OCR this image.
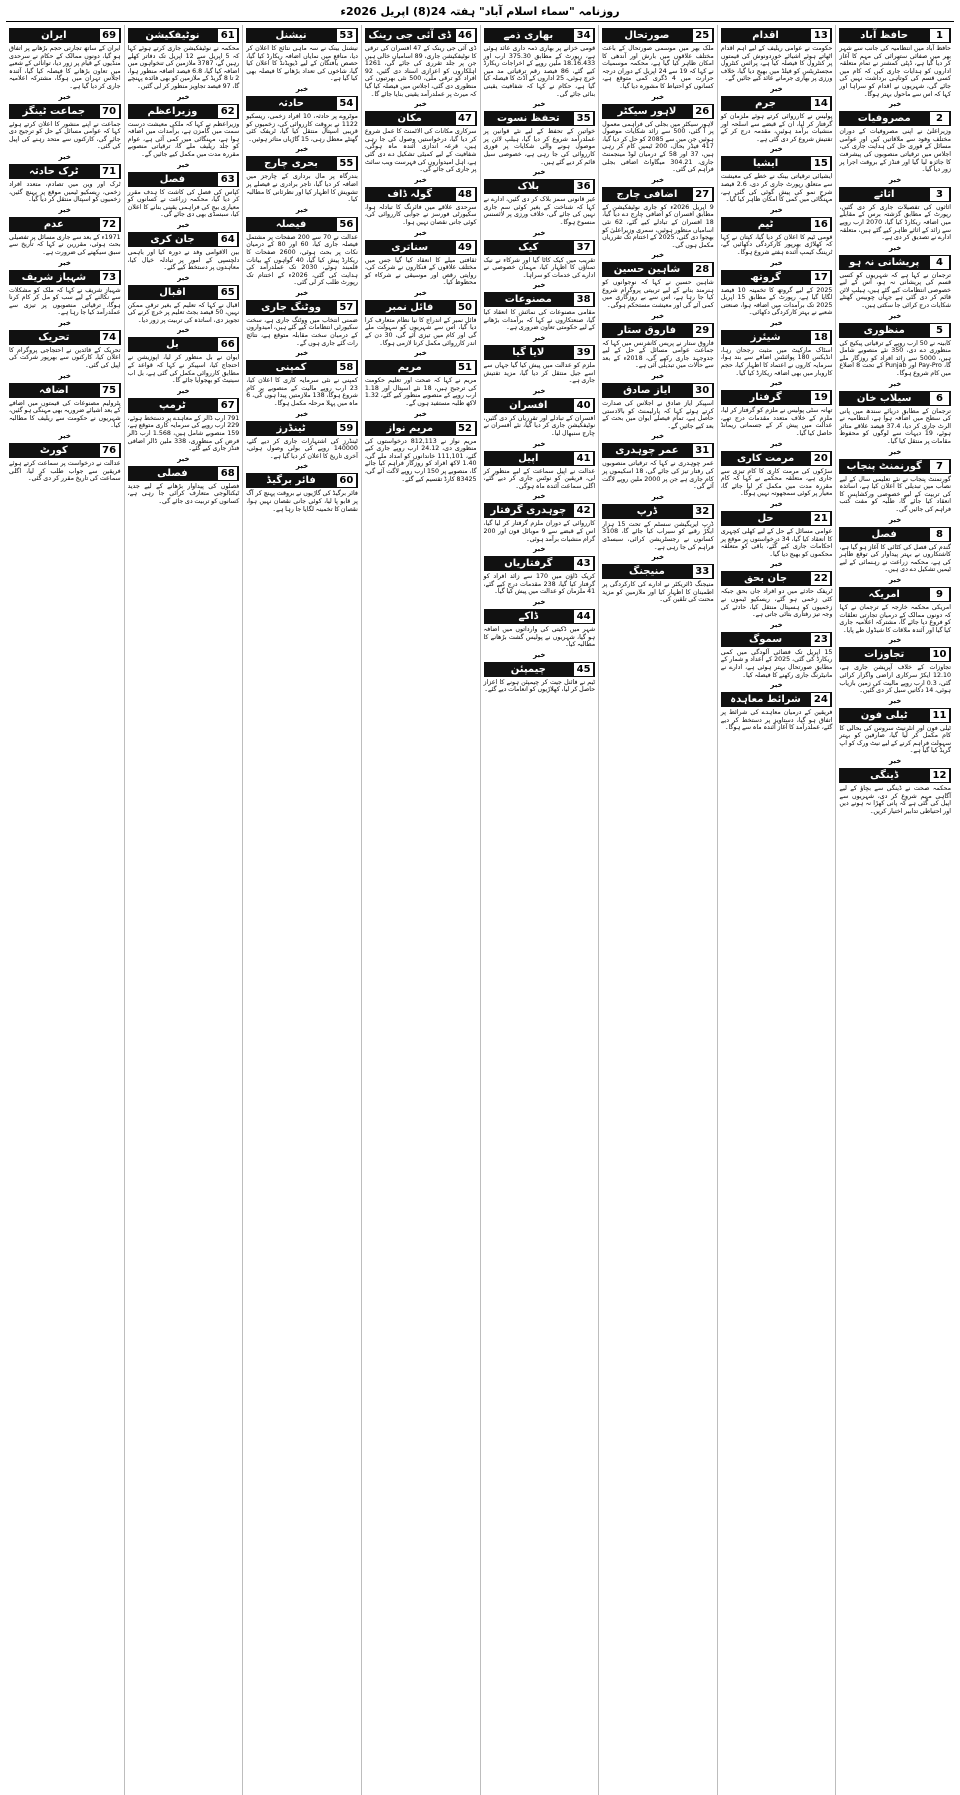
روزنامہ "سماء اسلام آباد" ہفتہ 24(8) اپریل 2026ء
1
حافظ آباد
حافظ آباد میں انتظامیہ کی جانب سے شہر بھر میں صفائی ستھرائی کی مہم کا آغاز کر دیا گیا ہے، ڈپٹی کمشنر نے تمام متعلقہ اداروں کو ہدایات جاری کیں کہ کام میں کسی قسم کی کوتاہی برداشت نہیں کی جائے گی، شہریوں نے اقدام کو سراہا اور کہا کہ اس سے ماحول بہتر ہوگا۔
خبر
2
مصروفیات
وزیراعلیٰ نے اپنی مصروفیات کے دوران مختلف وفود سے ملاقاتیں کیں اور عوامی مسائل کے فوری حل کی ہدایت جاری کی، اجلاس میں ترقیاتی منصوبوں کی پیشرفت کا جائزہ لیا گیا اور فنڈز کے بروقت اجرا پر زور دیا گیا۔
خبر
3
اثاثے
اثاثوں کی تفصیلات جاری کر دی گئیں، رپورٹ کے مطابق گزشتہ برس کے مقابلے میں اضافہ ریکارڈ کیا گیا، 2070 ارب روپے سے زائد کے اثاثے ظاہر کیے گئے ہیں، متعلقہ ادارے نے تصدیق کر دی ہے۔
خبر
4
پریشانی نہ ہو
ترجمان نے کہا ہے کہ شہریوں کو کسی قسم کی پریشانی نہ ہو، اس کے لیے خصوصی انتظامات کیے گئے ہیں، ہیلپ لائن قائم کر دی گئی ہے جہاں چوبیس گھنٹے شکایات درج کرائی جا سکتی ہیں۔
خبر
5
منظوری
کابینہ نے 50 ارب روپے کے ترقیاتی پیکیج کی منظوری دے دی، 350 نئے منصوبے شامل ہیں، 5000 سے زائد افراد کو روزگار ملے گا، Pay-Pro اور Punjab کے تحت 8 اضلاع میں کام شروع ہوگا۔
خبر
6
سیلاب خان
ترجمان کے مطابق دریائے سندھ میں پانی کی سطح میں اضافہ ہوا ہے، انتظامیہ نے الرٹ جاری کر دیا، 37.4 فیصد علاقے متاثر ہوئے، 19 دیہات سے لوگوں کو محفوظ مقامات پر منتقل کیا گیا۔
خبر
7
گورنمنٹ پنجاب
گورنمنٹ پنجاب نے نئے تعلیمی سال کے لیے نصاب میں تبدیلی کا اعلان کیا ہے، اساتذہ کی تربیت کے لیے خصوصی ورکشاپس کا انعقاد کیا جائے گا، طلبہ کو مفت کتب فراہم کی جائیں گی۔
خبر
8
فصل
گندم کی فصل کی کٹائی کا آغاز ہو گیا ہے، کاشتکاروں نے بہتر پیداوار کی توقع ظاہر کی ہے، محکمہ زراعت نے رہنمائی کے لیے ٹیمیں تشکیل دے دی ہیں۔
خبر
9
امریکہ
امریکی محکمہ خارجہ کے ترجمان نے کہا کہ دونوں ممالک کے درمیان تجارتی تعلقات کو فروغ دیا جائے گا، مشترکہ اعلامیہ جاری کیا گیا اور آئندہ ملاقات کا شیڈول طے پایا۔
خبر
10
تجاوزات
تجاوزات کے خلاف آپریشن جاری ہے، 12.10 ایکڑ سرکاری اراضی واگزار کرائی گئی، 0.3 ارب روپے مالیت کی زمین بازیاب ہوئی، 14 دکانیں سیل کر دی گئیں۔
خبر
11
ٹیلی فون
ٹیلی فون اور انٹرنیٹ سروس کی بحالی کا کام مکمل کر لیا گیا، صارفین کو بہتر سہولت فراہم کرنے کے لیے نیٹ ورک کو اپ گریڈ کیا گیا ہے۔
خبر
12
ڈینگی
محکمہ صحت نے ڈینگی سے بچاؤ کے لیے آگاہی مہم شروع کر دی، شہریوں سے اپیل کی گئی ہے کہ پانی کھڑا نہ ہونے دیں اور احتیاطی تدابیر اختیار کریں۔
13
اقدام
حکومت نے عوامی ریلیف کے لیے اہم اقدام اٹھاتے ہوئے اشیائے خوردونوش کی قیمتوں پر کنٹرول کا فیصلہ کیا ہے، پرائس کنٹرول مجسٹریٹس کو فیلڈ میں بھیج دیا گیا، خلاف ورزی پر بھاری جرمانے عائد کیے جائیں گے۔
خبر
14
جرم
پولیس نے کارروائی کرتے ہوئے ملزمان کو گرفتار کر لیا، ان کے قبضے سے اسلحہ اور منشیات برآمد ہوئیں، مقدمہ درج کر کے تفتیش شروع کر دی گئی ہے۔
خبر
15
ایشیا
ایشیائی ترقیاتی بینک نے خطے کی معیشت سے متعلق رپورٹ جاری کر دی، 2.6 فیصد شرح نمو کی پیش گوئی کی گئی ہے، مہنگائی میں کمی کا امکان ظاہر کیا گیا۔
خبر
16
ٹیم
قومی ٹیم کا اعلان کر دیا گیا، کپتان نے کہا کہ کھلاڑی بھرپور کارکردگی دکھائیں گے، ٹریننگ کیمپ آئندہ ہفتے شروع ہوگا۔
خبر
17
گروتھ
2025 کے لیے گروتھ کا تخمینہ 10 فیصد لگایا گیا ہے، رپورٹ کے مطابق 15 اپریل 2025 تک برآمدات میں اضافہ ہوا، صنعتی شعبے نے بہتر کارکردگی دکھائی۔
خبر
18
شیئرز
اسٹاک مارکیٹ میں مثبت رجحان رہا، انڈیکس 180 پوائنٹس اضافے سے بند ہوا، سرمایہ کاروں نے اعتماد کا اظہار کیا، حجم کاروبار میں بھی اضافہ ریکارڈ کیا گیا۔
خبر
19
گرفتار
تھانہ سٹی پولیس نے ملزم کو گرفتار کر لیا، ملزم کے خلاف متعدد مقدمات درج تھے، عدالت میں پیش کر کے جسمانی ریمانڈ حاصل کیا گیا۔
خبر
20
مرمت کاری
سڑکوں کی مرمت کاری کا کام تیزی سے جاری ہے، متعلقہ محکمے نے کہا کہ کام مقررہ مدت میں مکمل کر لیا جائے گا، معیار پر کوئی سمجھوتہ نہیں ہوگا۔
خبر
21
حل
عوامی مسائل کے حل کے لیے کھلی کچہری کا انعقاد کیا گیا، 34 درخواستوں پر موقع پر احکامات جاری کیے گئے، باقی کو متعلقہ محکموں کو بھیج دیا گیا۔
خبر
22
جان بحق
ٹریفک حادثے میں دو افراد جاں بحق جبکہ کئی زخمی ہو گئے، ریسکیو ٹیموں نے زخمیوں کو ہسپتال منتقل کیا، حادثے کی وجہ تیز رفتاری بتائی جاتی ہے۔
خبر
23
سموگ
15 اپریل تک فضائی آلودگی میں کمی ریکارڈ کی گئی، 2025 کے اعداد و شمار کے مطابق صورتحال بہتر ہوئی ہے، ادارے نے مانیٹرنگ جاری رکھنے کا فیصلہ کیا۔
خبر
24
شرائط معاہدہ
فریقین کے درمیان معاہدے کی شرائط پر اتفاق ہو گیا، دستاویز پر دستخط کر دیے گئے، عملدرآمد کا آغاز آئندہ ماہ سے ہوگا۔
25
صورتحال
ملک بھر میں موسمی صورتحال کے باعث مختلف علاقوں میں بارش اور آندھی کا امکان ظاہر کیا گیا ہے، محکمہ موسمیات نے کہا کہ 19 سے 24 اپریل کے دوران درجہ حرارت میں 4 ڈگری کمی متوقع ہے، کسانوں کو احتیاط کا مشورہ دیا گیا۔
خبر
26
لاہور سیکٹر
لاہور سیکٹر میں بجلی کی فراہمی معمول پر آ گئی، 500 سے زائد شکایات موصول ہوئیں جن میں سے 2085 کو حل کر دیا گیا، 417 فیڈر بحال، 200 ٹیمیں کام کر رہی ہیں، 37 اور 58 کے درمیان لوڈ مینجمنٹ جاری، 304.21 میگاواٹ اضافی بجلی فراہم کی گئی۔
خبر
27
اضافی چارج
9 اپریل 2026ء کو جاری نوٹیفکیشن کے مطابق افسران کو اضافی چارج دے دیا گیا، 18 افسران کے تبادلے کیے گئے، 62 نئی اسامیاں منظور ہوئیں، سمری وزیراعلیٰ کو بھجوا دی گئی، 2025 کے اختتام تک تقرریاں مکمل ہوں گی۔
خبر
28
شاہین حسین
شاہین حسین نے کہا کہ نوجوانوں کو ہنرمند بنانے کے لیے تربیتی پروگرام شروع کیا جا رہا ہے، اس سے بے روزگاری میں کمی آئے گی اور معیشت مستحکم ہوگی۔
خبر
29
فاروق ستار
فاروق ستار نے پریس کانفرنس میں کہا کہ جماعت عوامی مسائل کے حل کے لیے جدوجہد جاری رکھے گی، 2018ء کے بعد سے حالات میں تبدیلی آئی ہے۔
خبر
30
ایاز صادق
اسپیکر ایاز صادق نے اجلاس کی صدارت کرتے ہوئے کہا کہ پارلیمنٹ کو بالادستی حاصل ہے، تمام فیصلے ایوان میں بحث کے بعد کیے جائیں گے۔
خبر
31
عمر چوہدری
عمر چوہدری نے کہا کہ ترقیاتی منصوبوں کی رفتار تیز کی جائے گی، 18 اسکیموں پر کام جاری ہے جن پر 2000 ملین روپے لاگت آئے گی۔
خبر
32
ڈرپ
ڈرپ ایریگیشن سسٹم کے تحت 15 ہزار ایکڑ رقبے کو سیراب کیا جائے گا، 3108 کسانوں نے رجسٹریشن کرائی، سبسڈی فراہم کی جا رہی ہے۔
خبر
33
منیجنگ
منیجنگ ڈائریکٹر نے ادارے کی کارکردگی پر اطمینان کا اظہار کیا اور ملازمین کو مزید محنت کی تلقین کی۔
34
بھاری ذمے
قومی خزانے پر بھاری ذمہ داری عائد ہوئی ہے، رپورٹ کے مطابق 375.30 ارب اور 18.16.433 ملین روپے کے اخراجات ریکارڈ کیے گئے، 86 فیصد رقم ترقیاتی مد میں خرچ ہوئی، 25 اداروں کے آڈٹ کا فیصلہ کیا گیا ہے، حکام نے کہا کہ شفافیت یقینی بنائی جائے گی۔
خبر
35
تحفظ نسوت
خواتین کے تحفظ کے لیے نئے قوانین پر عملدرآمد شروع کر دیا گیا، ہیلپ لائن پر موصول ہونے والی شکایات پر فوری کارروائی کی جا رہی ہے، خصوصی سیل قائم کر دیے گئے ہیں۔
خبر
36
بلاک
غیر قانونی سمز بلاک کر دی گئیں، ادارے نے کہا کہ شناخت کے بغیر کوئی سم جاری نہیں کی جائے گی، خلاف ورزی پر لائسنس منسوخ ہوگا۔
خبر
37
کیک
تقریب میں کیک کاٹا گیا اور شرکاء نے نیک تمناؤں کا اظہار کیا، مہمان خصوصی نے ادارے کی خدمات کو سراہا۔
خبر
38
مصنوعات
مقامی مصنوعات کی نمائش کا انعقاد کیا گیا، صنعتکاروں نے کہا کہ برآمدات بڑھانے کے لیے حکومتی تعاون ضروری ہے۔
خبر
39
لایا گیا
ملزم کو عدالت میں پیش کیا گیا جہاں سے اسے جیل منتقل کر دیا گیا، مزید تفتیش جاری ہے۔
خبر
40
افسران
افسران کے تبادلے اور تقرریاں کر دی گئیں، نوٹیفکیشن جاری کر دیا گیا، نئے افسران نے چارج سنبھال لیا۔
خبر
41
اپیل
عدالت نے اپیل سماعت کے لیے منظور کر لی، فریقین کو نوٹس جاری کر دیے گئے، اگلی سماعت آئندہ ماہ ہوگی۔
خبر
42
چوہدری گرفتار
کارروائی کے دوران ملزم گرفتار کر لیا گیا، اس کے قبضے سے 9 موبائل فون اور 200 گرام منشیات برآمد ہوئی۔
خبر
43
گرفتاریاں
کریک ڈاؤن میں 170 سے زائد افراد کو گرفتار کیا گیا، 238 مقدمات درج کیے گئے، 41 ملزمان کو عدالت میں پیش کیا گیا۔
خبر
44
ڈاکے
شہر میں ڈکیتی کی وارداتوں میں اضافہ ہو گیا، شہریوں نے پولیس گشت بڑھانے کا مطالبہ کیا۔
خبر
45
چیمپئن
ٹیم نے فائنل جیت کر چیمپئن ہونے کا اعزاز حاصل کر لیا، کھلاڑیوں کو انعامات دیے گئے۔
46
ڈی آئی جی رینک
ڈی آئی جی رینک کے 47 افسران کی ترقی کا نوٹیفکیشن جاری، 89 اسامیاں خالی ہیں جن پر جلد تقرری کی جائے گی، 1261 اہلکاروں کو اعزازی اسناد دی گئیں، 92 افراد کو ترقی ملی، 500 نئی بھرتیوں کی منظوری دی گئی، اجلاس میں فیصلہ کیا گیا کہ میرٹ پر عملدرآمد یقینی بنایا جائے گا۔
خبر
47
مکان
سرکاری مکانات کی الاٹمنٹ کا عمل شروع کر دیا گیا، درخواستیں وصول کی جا رہی ہیں، قرعہ اندازی آئندہ ماہ ہوگی، شفافیت کے لیے کمیٹی تشکیل دے دی گئی ہے، اہل امیدواروں کی فہرست ویب سائٹ پر جاری کی جائے گی۔
خبر
48
گولہ ڈاف
سرحدی علاقے میں فائرنگ کا تبادلہ ہوا، سکیورٹی فورسز نے جوابی کارروائی کی، کوئی جانی نقصان نہیں ہوا۔
خبر
49
سناتری
ثقافتی میلے کا انعقاد کیا گیا جس میں مختلف علاقوں کے فنکاروں نے شرکت کی، روایتی رقص اور موسیقی نے شرکاء کو محظوظ کیا۔
خبر
50
فائل نمبر
فائل نمبر کے اندراج کا نیا نظام متعارف کرا دیا گیا، اس سے شہریوں کو سہولت ملے گی اور کام میں تیزی آئے گی، 30 دن کے اندر کارروائی مکمل کرنا لازمی ہوگا۔
خبر
51
مریم
مریم نے کہا کہ صحت اور تعلیم حکومت کی ترجیح ہیں، 18 نئے اسپتال اور 1.18 ارب روپے کے منصوبے منظور کیے گئے، 1.32 لاکھ طلبہ مستفید ہوں گے۔
خبر
52
مریم نواز
مریم نواز نے 812,113 درخواستوں کی منظوری دی، 24.12 ارب روپے جاری کیے گئے، 111,101 خاندانوں کو امداد ملے گی، 1.40 لاکھ افراد کو روزگار فراہم کیا جائے گا، منصوبے پر 150 ارب روپے لاگت آئے گی، 83425 کارڈ تقسیم کیے گئے۔
53
نیشنل
نیشنل بینک نے سہ ماہی نتائج کا اعلان کر دیا، منافع میں نمایاں اضافہ ریکارڈ کیا گیا، حصص یافتگان کے لیے ڈیویڈنڈ کا اعلان کیا گیا، شاخوں کی تعداد بڑھانے کا فیصلہ بھی کیا گیا ہے۔
خبر
54
حادثہ
موٹروے پر حادثہ، 10 افراد زخمی، ریسکیو 1122 نے بروقت کارروائی کی، زخمیوں کو قریبی اسپتال منتقل کیا گیا، ٹریفک کئی گھنٹے معطل رہی، 15 گاڑیاں متاثر ہوئیں۔
خبر
55
بحری چارج
بندرگاہ پر مال برداری کے چارجز میں اضافہ کر دیا گیا، تاجر برادری نے فیصلے پر تشویش کا اظہار کیا اور نظرثانی کا مطالبہ کیا۔
خبر
56
فیصلہ
عدالت نے 70 سے 200 صفحات پر مشتمل فیصلہ جاری کیا، 60 اور 80 کے درمیان نکات پر بحث ہوئی، 2600 صفحات کا ریکارڈ پیش کیا گیا، 40 گواہوں کے بیانات قلمبند ہوئے، 2030 تک عملدرآمد کی ہدایت کی گئی، 2026ء کے اختتام تک رپورٹ طلب کر لی گئی۔
خبر
57
ووٹنگ جاری
ضمنی انتخاب میں ووٹنگ جاری ہے، سخت سکیورٹی انتظامات کیے گئے ہیں، امیدواروں کے درمیان سخت مقابلہ متوقع ہے، نتائج رات گئے جاری ہوں گے۔
خبر
58
کمپنی
کمپنی نے نئی سرمایہ کاری کا اعلان کیا، 23 ارب روپے مالیت کے منصوبے پر کام شروع ہوگا، 138 ملازمتیں پیدا ہوں گی، 6 ماہ میں پہلا مرحلہ مکمل ہوگا۔
خبر
59
ٹینڈرز
ٹینڈرز کی اشتہارات جاری کر دیے گئے، 140000 روپے کی بولی وصول ہوئی، آخری تاریخ کا اعلان کر دیا گیا ہے۔
خبر
60
فائر برگیڈ
فائر برگیڈ کی گاڑیوں نے بروقت پہنچ کر آگ پر قابو پا لیا، کوئی جانی نقصان نہیں ہوا، نقصان کا تخمینہ لگایا جا رہا ہے۔
61
نوٹیفکیشن
محکمہ نے نوٹیفکیشن جاری کرتے ہوئے کہا کہ 5 اپریل سے 12 اپریل تک دفاتر کھلے رہیں گے، 3787 ملازمین کی تنخواہوں میں اضافہ کیا گیا، 6.8 فیصد اضافہ منظور ہوا، 2 تا 8 گریڈ کے ملازمین کو بھی فائدہ پہنچے گا، 97 فیصد تجاویز منظور کر لی گئیں۔
خبر
62
وزیراعظم
وزیراعظم نے کہا کہ ملکی معیشت درست سمت میں گامزن ہے، برآمدات میں اضافہ ہوا ہے، مہنگائی میں کمی آئی ہے، عوام کو جلد ریلیف ملے گا، ترقیاتی منصوبے مقررہ مدت میں مکمل کیے جائیں گے۔
خبر
63
فصل
کپاس کی فصل کی کاشت کا ہدف مقرر کر دیا گیا، محکمہ زراعت نے کسانوں کو معیاری بیج کی فراہمی یقینی بنانے کا اعلان کیا، سبسڈی بھی دی جائے گی۔
خبر
64
جان کری
بین الاقوامی وفد نے دورہ کیا اور باہمی دلچسپی کے امور پر تبادلہ خیال کیا، معاہدوں پر دستخط کیے گئے۔
خبر
65
اقبال
اقبال نے کہا کہ تعلیم کے بغیر ترقی ممکن نہیں، 50 فیصد بجٹ تعلیم پر خرچ کرنے کی تجویز دی، اساتذہ کی تربیت پر زور دیا۔
خبر
66
بل
ایوان نے بل منظور کر لیا، اپوزیشن نے احتجاج کیا، اسپیکر نے کہا کہ قواعد کے مطابق کارروائی مکمل کی گئی ہے، بل اب سینیٹ کو بھجوایا جائے گا۔
خبر
67
ٹرمپ
791 ارب ڈالر کے معاہدے پر دستخط ہوئے، 229 ارب روپے کی سرمایہ کاری متوقع ہے، 159 منصوبے شامل ہیں، 1.568 ارب ڈالر قرض کی منظوری، 338 ملین ڈالر اضافی فنڈز جاری کیے گئے۔
خبر
68
فصلی
فصلوں کی پیداوار بڑھانے کے لیے جدید ٹیکنالوجی متعارف کرائی جا رہی ہے، کسانوں کو تربیت دی جائے گی۔
69
ایران
ایران کے ساتھ تجارتی حجم بڑھانے پر اتفاق ہو گیا، دونوں ممالک کے حکام نے سرحدی منڈیوں کے قیام پر زور دیا، توانائی کے شعبے میں تعاون بڑھانے کا فیصلہ کیا گیا، آئندہ اجلاس تہران میں ہوگا، مشترکہ اعلامیہ جاری کر دیا گیا ہے۔
خبر
70
جماعت ٹینگز
جماعت نے اپنے منشور کا اعلان کرتے ہوئے کہا کہ عوامی مسائل کے حل کو ترجیح دی جائے گی، کارکنوں سے متحد رہنے کی اپیل کی گئی۔
خبر
71
ٹرک حادثہ
ٹرک اور وین میں تصادم، متعدد افراد زخمی، ریسکیو ٹیمیں موقع پر پہنچ گئیں، زخمیوں کو اسپتال منتقل کر دیا گیا۔
خبر
72
عدم
1971ء کے بعد سے جاری مسائل پر تفصیلی بحث ہوئی، مقررین نے کہا کہ تاریخ سے سبق سیکھنے کی ضرورت ہے۔
خبر
73
شہباز شریف
شہباز شریف نے کہا کہ ملک کو مشکلات سے نکالنے کے لیے سب کو مل کر کام کرنا ہوگا، ترقیاتی منصوبوں پر تیزی سے عملدرآمد کیا جا رہا ہے۔
خبر
74
تحریک
تحریک کے قائدین نے احتجاجی پروگرام کا اعلان کیا، کارکنوں سے بھرپور شرکت کی اپیل کی گئی۔
خبر
75
اضافہ
پٹرولیم مصنوعات کی قیمتوں میں اضافے کے بعد اشیائے ضروریہ بھی مہنگی ہو گئیں، شہریوں نے حکومت سے ریلیف کا مطالبہ کیا۔
خبر
76
کورٹ
عدالت نے درخواست پر سماعت کرتے ہوئے فریقین سے جواب طلب کر لیا، اگلی سماعت کی تاریخ مقرر کر دی گئی۔
